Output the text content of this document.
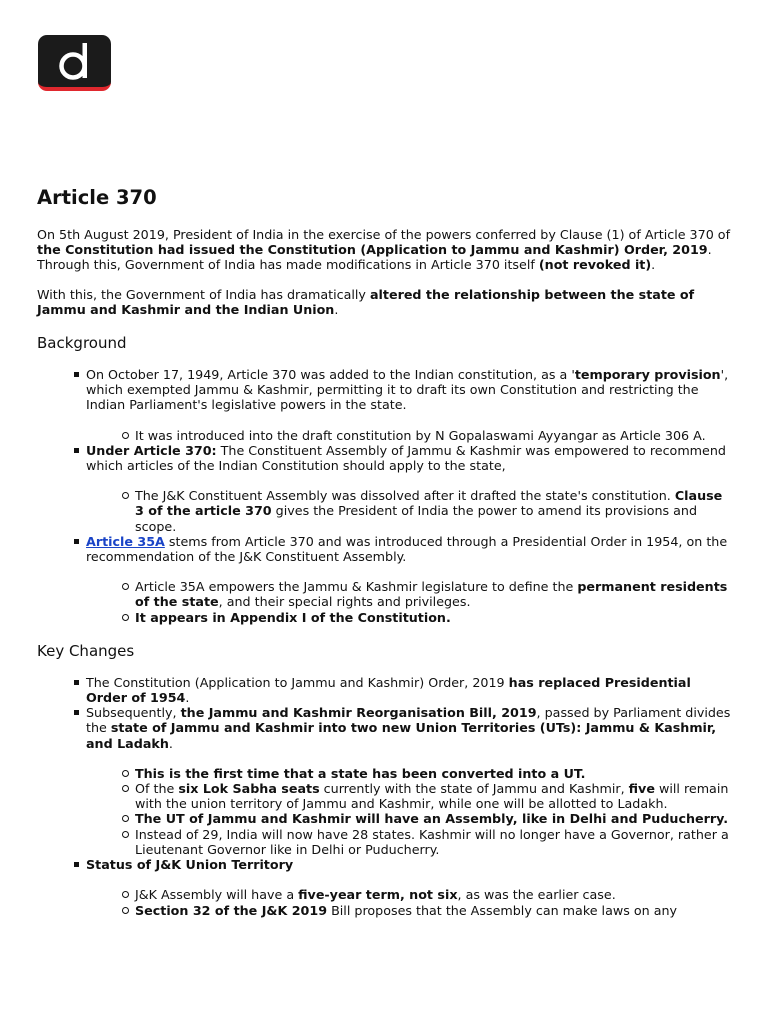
Article 370

On 5th August 2019, President of India in the exercise of the powers conferred by Clause (1) of Article 370 of the Constitution had issued the Constitution (Application to Jammu and Kashmir) Order, 2019. Through this, Government of India has made modifications in Article 370 itself (not revoked it).

With this, the Government of India has dramatically altered the relationship between the state of Jammu and Kashmir and the Indian Union.

Background
On October 17, 1949, Article 370 was added to the Indian constitution, as a 'temporary provision', which exempted Jammu & Kashmir, permitting it to draft its own Constitution and restricting the Indian Parliament's legislative powers in the state.
It was introduced into the draft constitution by N Gopalaswami Ayyangar as Article 306 A.
Under Article 370: The Constituent Assembly of Jammu & Kashmir was empowered to recommend which articles of the Indian Constitution should apply to the state,
The J&K Constituent Assembly was dissolved after it drafted the state's constitution. Clause 3 of the article 370 gives the President of India the power to amend its provisions and scope.
Article 35A stems from Article 370 and was introduced through a Presidential Order in 1954, on the recommendation of the J&K Constituent Assembly.
Article 35A empowers the Jammu & Kashmir legislature to define the permanent residents of the state, and their special rights and privileges.
It appears in Appendix I of the Constitution.
Key Changes
The Constitution (Application to Jammu and Kashmir) Order, 2019 has replaced Presidential Order of 1954.
Subsequently, the Jammu and Kashmir Reorganisation Bill, 2019, passed by Parliament divides the state of Jammu and Kashmir into two new Union Territories (UTs): Jammu & Kashmir, and Ladakh.
This is the first time that a state has been converted into a UT.
Of the six Lok Sabha seats currently with the state of Jammu and Kashmir, five will remain with the union territory of Jammu and Kashmir, while one will be allotted to Ladakh.
The UT of Jammu and Kashmir will have an Assembly, like in Delhi and Puducherry.
Instead of 29, India will now have 28 states. Kashmir will no longer have a Governor, rather a Lieutenant Governor like in Delhi or Puducherry.
Status of J&K Union Territory
J&K Assembly will have a five-year term, not six, as was the earlier case.
Section 32 of the J&K 2019 Bill proposes that the Assembly can make laws on any
